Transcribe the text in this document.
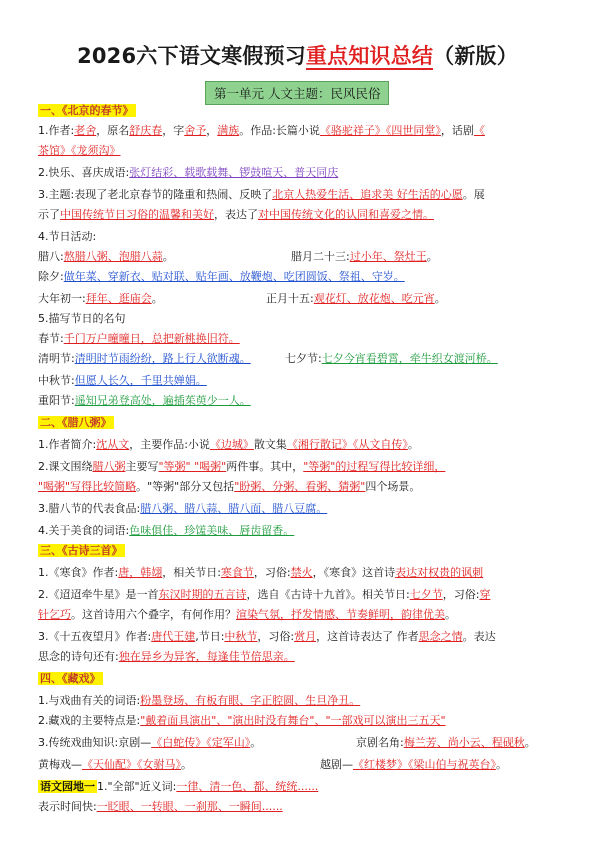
2026六下语文寒假预习重点知识总结（新版）
第一单元 人文主题：民风民俗
一、《北京的春节》
1.作者:老舍，原名舒庆春，字舍予，满族。作品:长篇小说《骆驼祥子》《四世同堂》，话剧《
茶馆》《龙须沟》
2.快乐、喜庆成语:张灯结彩、载歌载舞、锣鼓喧天、普天同庆
3.主题:表现了老北京春节的隆重和热闹、反映了北京人热爱生活、追求美 好生活的心愿。展
示了中国传统节日习俗的温馨和美好，表达了对中国传统文化的认同和喜爱之情。
4.节日活动:
腊八:熬腊八粥、泡腊八蒜。	腊月二十三:过小年、祭灶王。
除夕:做年菜、穿新衣、贴对联、贴年画、放鞭炮、吃团圆饭、祭祖、守岁。
大年初一:拜年、逛庙会。	正月十五:观花灯、放花炮、吃元宵。
5.描写节日的名句
春节:千门万户曈曈日，总把新桃换旧符。
清明节:清明时节雨纷纷，路上行人欲断魂。	七夕节:七夕今宵看碧霄，牵牛织女渡河桥。
中秋节:但愿人长久，千里共婵娟。
重阳节:遥知兄弟登高处，遍插茱萸少一人。
二、《腊八粥》
1.作者简介:沈从文，主要作品:小说《边城》散文集《湘行散记》《从文自传》。
2.课文围绕腊八粥主要写"等粥" "喝粥"两件事。其中，"等粥"的过程写得比较详细，
"喝粥"写得比较简略。"等粥"部分又包括"盼粥、分粥、看粥、猜粥"四个场景。
3.腊八节的代表食品:腊八粥、腊八蒜、腊八面、腊八豆腐。
4.关于美食的词语:色味俱佳、珍馐美味、唇齿留香。
三、《古诗三首》
1.《寒食》作者:唐，韩翃，相关节日:寒食节，习俗:禁火，《寒食》这首诗表达对权贵的讽刺
2.《迢迢牵牛星》是一首东汉时期的五言诗，选自《古诗十九首》。相关节日:七夕节，习俗:穿
针乞巧。这首诗用六个叠字，有何作用？渲染气氛，抒发情感、节奏鲜明，韵律优美。
3.《十五夜望月》作者:唐代王建,节日:中秋节，习俗:赏月，这首诗表达了 作者思念之情。表达
思念的诗句还有:独在异乡为异客，每逢佳节倍思亲。
四、《藏戏》
1.与戏曲有关的词语:粉墨登场、有板有眼、字正腔圆、生旦净丑。
2.藏戏的主要特点是:"戴着面具演出"、"演出时没有舞台"、"一部戏可以演出三五天"
3.传统戏曲知识:京剧—《白蛇传》《定军山》。	京剧名角:梅兰芳、尚小云、程砚秋。
黄梅戏—《天仙配》《女驸马》。	越剧—《红楼梦》《梁山伯与祝英台》。
语文园地一 1."全部"近义词:一律、清一色、都、统统......
表示时间快:一眨眼、一转眼、一刹那、一瞬间......
